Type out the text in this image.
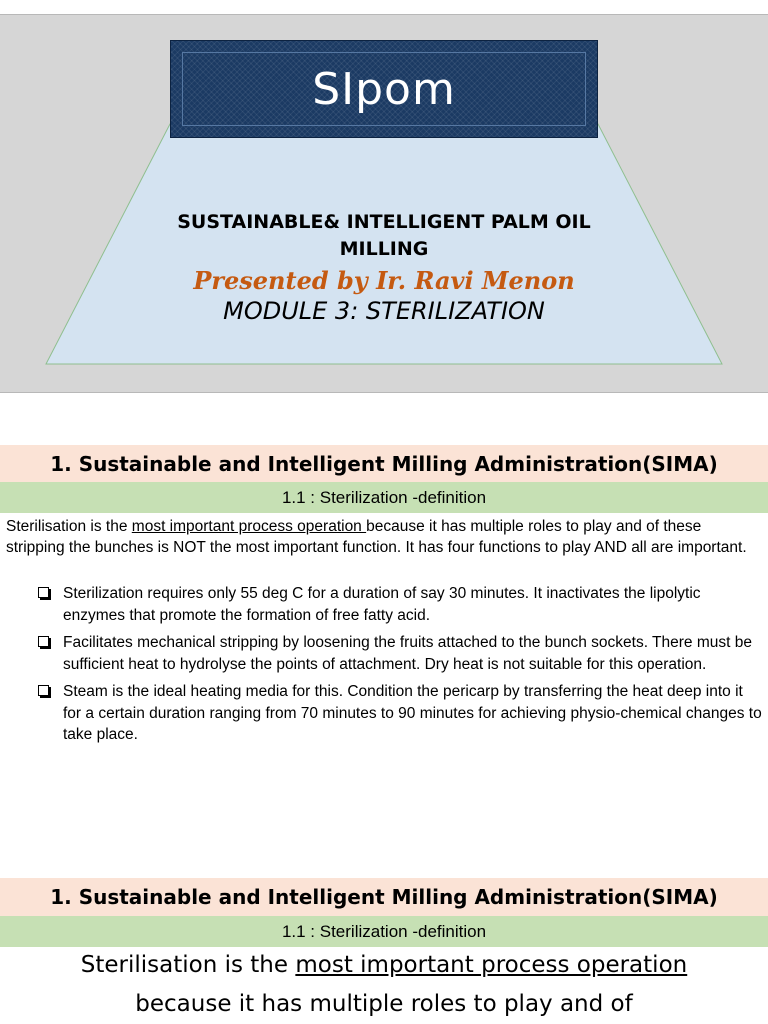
SIpom
SUSTAINABLE& INTELLIGENT PALM OIL
MILLING
Presented by Ir. Ravi Menon
MODULE 3: STERILIZATION
1. Sustainable and Intelligent Milling Administration(SIMA)
1.1 : Sterilization -definition

Sterilisation is the most important process operation because it has multiple roles to play and of these stripping the bunches is NOT the most important function. It has four functions to play AND all are important.

Sterilization requires only 55 deg C for a duration of say 30 minutes. It inactivates the lipolytic enzymes that promote the formation of free fatty acid.
Facilitates mechanical stripping by loosening the fruits attached to the bunch sockets. There must be sufficient heat to hydrolyse the points of attachment. Dry heat is not suitable for this operation.
Steam is the ideal heating media for this. Condition the pericarp by transferring the heat deep into it for a certain duration ranging from 70 minutes to 90 minutes for achieving physio-chemical changes to take place.
1. Sustainable and Intelligent Milling Administration(SIMA)
1.1 : Sterilization -definition

Sterilisation is the most important process operation

because it has multiple roles to play and of
